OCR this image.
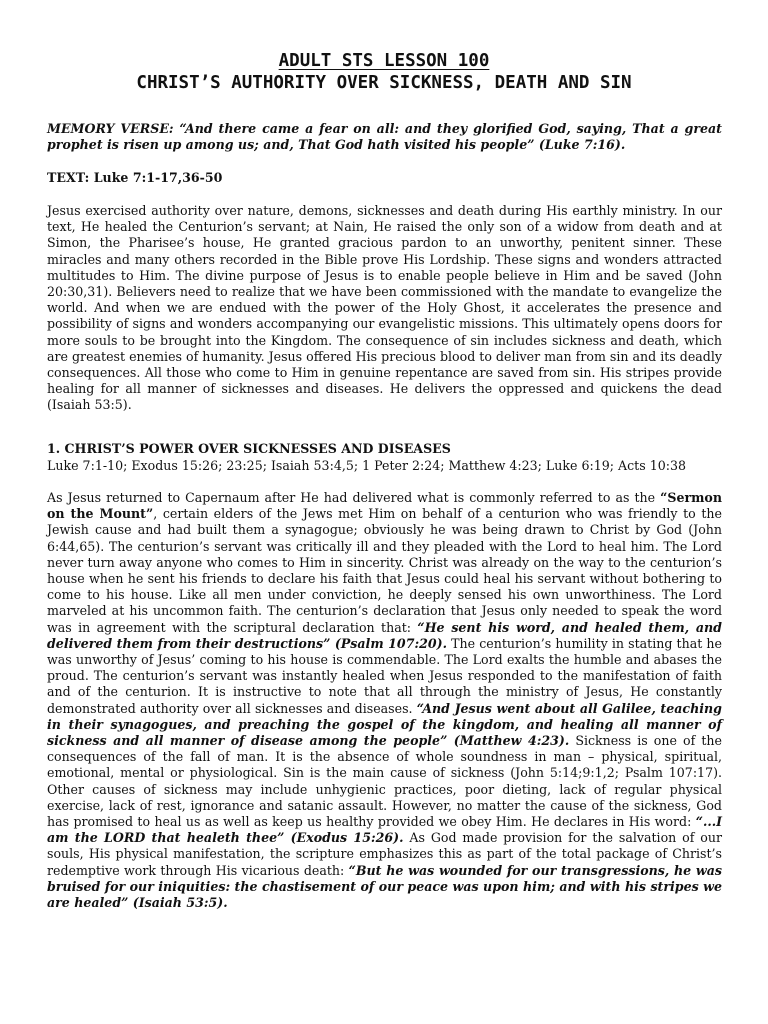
ADULT STS LESSON 100
CHRIST’S AUTHORITY OVER SICKNESS, DEATH AND SIN
MEMORY VERSE: “And there came a fear on all: and they glorified God, saying, That a great prophet is risen up among us; and, That God hath visited his people” (Luke 7:16).
TEXT: Luke 7:1-17,36-50
Jesus exercised authority over nature, demons, sicknesses and death during His earthly ministry. In our text, He healed the Centurion’s servant; at Nain, He raised the only son of a widow from death and at Simon, the Pharisee’s house, He granted gracious pardon to an unworthy, penitent sinner. These miracles and many others recorded in the Bible prove His Lordship. These signs and wonders attracted multitudes to Him. The divine purpose of Jesus is to enable people believe in Him and be saved (John 20:30,31). Believers need to realize that we have been commissioned with the mandate to evangelize the world. And when we are endued with the power of the Holy Ghost, it accelerates the presence and possibility of signs and wonders accompanying our evangelistic missions. This ultimately opens doors for more souls to be brought into the Kingdom. The consequence of sin includes sickness and death, which are greatest enemies of humanity. Jesus offered His precious blood to deliver man from sin and its deadly consequences. All those who come to Him in genuine repentance are saved from sin. His stripes provide healing for all manner of sicknesses and diseases. He delivers the oppressed and quickens the dead (Isaiah 53:5).
1. CHRIST’S POWER OVER SICKNESSES AND DISEASES
Luke 7:1-10; Exodus 15:26; 23:25; Isaiah 53:4,5; 1 Peter 2:24; Matthew 4:23; Luke 6:19; Acts 10:38
As Jesus returned to Capernaum after He had delivered what is commonly referred to as the “Sermon on the Mount”, certain elders of the Jews met Him on behalf of a centurion who was friendly to the Jewish cause and had built them a synagogue; obviously he was being drawn to Christ by God (John 6:44,65). The centurion’s servant was critically ill and they pleaded with the Lord to heal him. The Lord never turn away anyone who comes to Him in sincerity. Christ was already on the way to the centurion’s house when he sent his friends to declare his faith that Jesus could heal his servant without bothering to come to his house. Like all men under conviction, he deeply sensed his own unworthiness. The Lord marveled at his uncommon faith. The centurion’s declaration that Jesus only needed to speak the word was in agreement with the scriptural declaration that: “He sent his word, and healed them, and delivered them from their destructions” (Psalm 107:20). The centurion’s humility in stating that he was unworthy of Jesus’ coming to his house is commendable. The Lord exalts the humble and abases the proud. The centurion’s servant was instantly healed when Jesus responded to the manifestation of faith and of the centurion. It is instructive to note that all through the ministry of Jesus, He constantly demonstrated authority over all sicknesses and diseases. “And Jesus went about all Galilee, teaching in their synagogues, and preaching the gospel of the kingdom, and healing all manner of sickness and all manner of disease among the people” (Matthew 4:23). Sickness is one of the consequences of the fall of man. It is the absence of whole soundness in man – physical, spiritual, emotional, mental or physiological. Sin is the main cause of sickness (John 5:14;9:1,2; Psalm 107:17). Other causes of sickness may include unhygienic practices, poor dieting, lack of regular physical exercise, lack of rest, ignorance and satanic assault. However, no matter the cause of the sickness, God has promised to heal us as well as keep us healthy provided we obey Him. He declares in His word: “...I am the LORD that healeth thee” (Exodus 15:26). As God made provision for the salvation of our souls, His physical manifestation, the scripture emphasizes this as part of the total package of Christ’s redemptive work through His vicarious death: “But he was wounded for our transgressions, he was bruised for our iniquities: the chastisement of our peace was upon him; and with his stripes we are healed” (Isaiah 53:5).
